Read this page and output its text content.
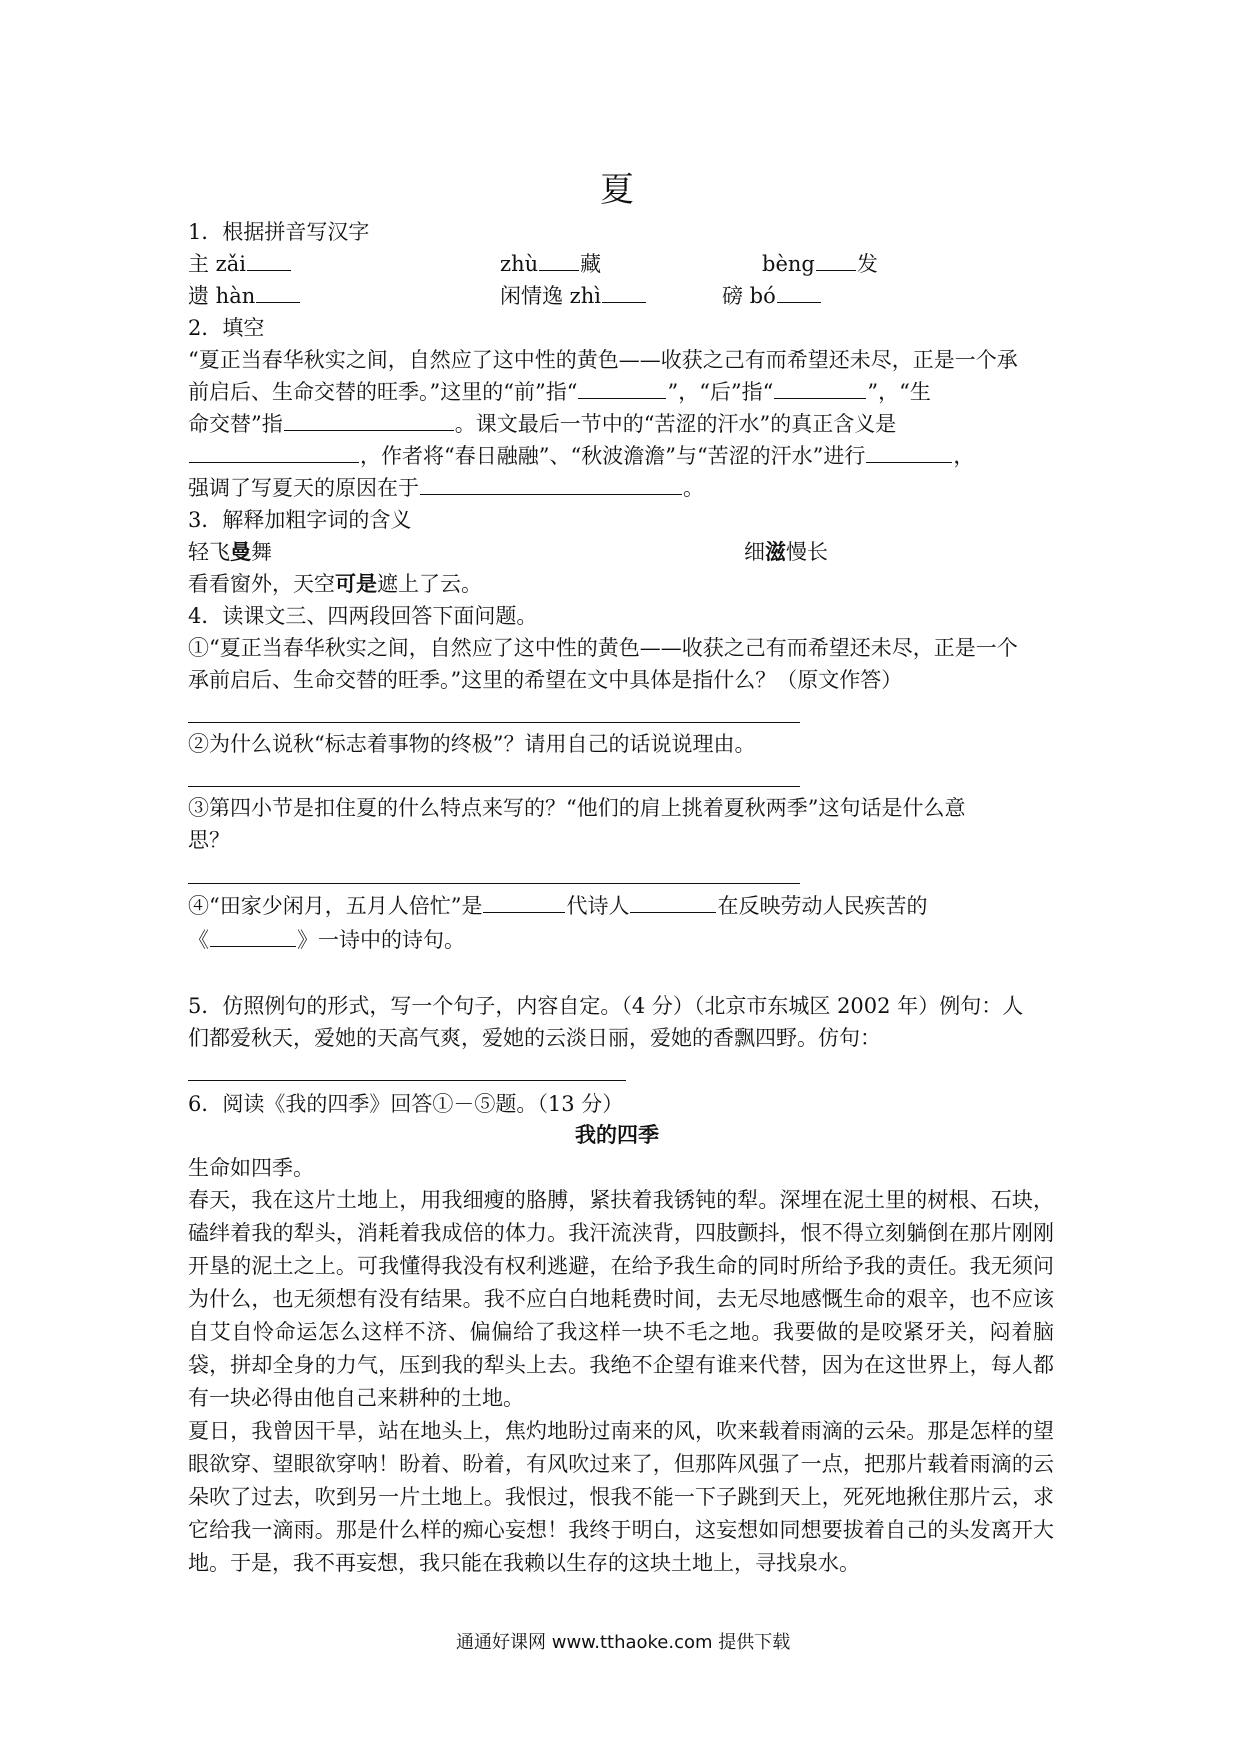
夏
1．根据拼音写汉字
主 zǎi	zhù 藏	bèng 发
遗 hàn	闲情逸 zhì	磅 bó
2．填空
“夏正当春华秋实之间，自然应了这中性的黄色——收获之己有而希望还未尽，正是一个承
前启后、生命交替的旺季。”这里的“前”指“	”，“后”指“	”，“生
命交替”指	。课文最后一节中的“苦涩的汗水”的真正含义是
，作者将“春日融融”、“秋波澹澹”与“苦涩的汗水”进行	，
强调了写夏天的原因在于	。
3．解释加粗字词的含义
轻飞曼舞	细滋慢长
看看窗外，天空可是遮上了云。
4．读课文三、四两段回答下面问题。
①“夏正当春华秋实之间，自然应了这中性的黄色——收获之己有而希望还未尽，正是一个
承前启后、生命交替的旺季。”这里的希望在文中具体是指什么？（原文作答）
②为什么说秋“标志着事物的终极”？请用自己的话说说理由。
③第四小节是扣住夏的什么特点来写的？“他们的肩上挑着夏秋两季”这句话是什么意
思？
④“田家少闲月，五月人倍忙”是	代诗人	在反映劳动人民疾苦的
《	》一诗中的诗句。
5．仿照例句的形式，写一个句子，内容自定。（4 分）（北京市东城区 2002 年）例句：人
们都爱秋天，爱她的天高气爽，爱她的云淡日丽，爱她的香飘四野。仿句：
6．阅读《我的四季》回答①－⑤题。（13 分）
我的四季
生命如四季。
春天，我在这片土地上，用我细瘦的胳膊，紧扶着我锈钝的犁。深埋在泥土里的树根、石块，磕绊着我的犁头，消耗着我成倍的体力。我汗流浃背，四肢颤抖，恨不得立刻躺倒在那片刚刚开垦的泥土之上。可我懂得我没有权利逃避，在给予我生命的同时所给予我的责任。我无须问为什么，也无须想有没有结果。我不应白白地耗费时间，去无尽地感慨生命的艰辛，也不应该自艾自怜命运怎么这样不济、偏偏给了我这样一块不毛之地。我要做的是咬紧牙关，闷着脑袋，拼却全身的力气，压到我的犁头上去。我绝不企望有谁来代替，因为在这世界上，每人都有一块必得由他自己来耕种的土地。
夏日，我曾因干旱，站在地头上，焦灼地盼过南来的风，吹来载着雨滴的云朵。那是怎样的望眼欲穿、望眼欲穿呐！盼着、盼着，有风吹过来了，但那阵风强了一点，把那片载着雨滴的云朵吹了过去，吹到另一片土地上。我恨过，恨我不能一下子跳到天上，死死地揪住那片云，求它给我一滴雨。那是什么样的痴心妄想！我终于明白，这妄想如同想要拔着自己的头发离开大地。于是，我不再妄想，我只能在我赖以生存的这块土地上，寻找泉水。
通通好课网 www.tthaoke.com 提供下载
